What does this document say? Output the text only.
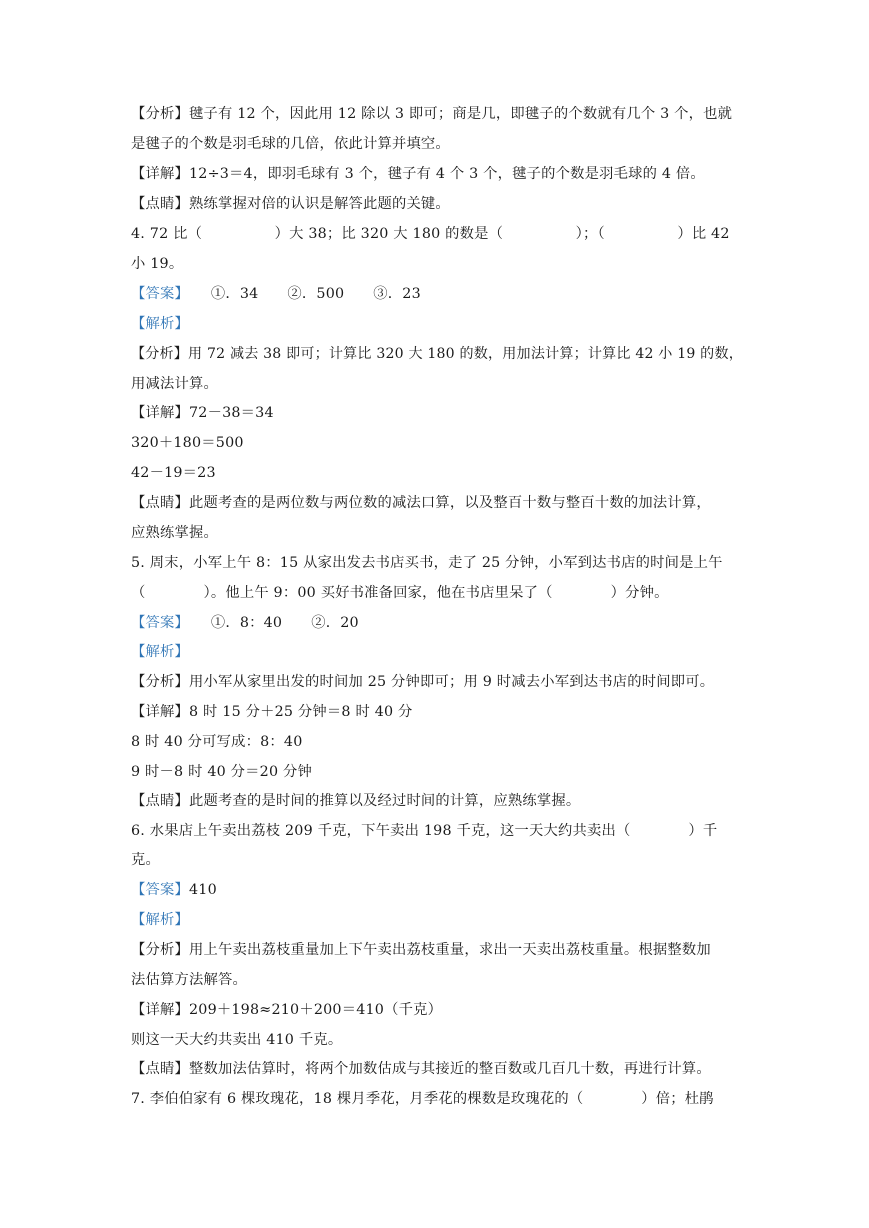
【分析】毽子有 12 个，因此用 12 除以 3 即可；商是几，即毽子的个数就有几个 3 个，也就
是毽子的个数是羽毛球的几倍，依此计算并填空。
【详解】12÷3＝4，即羽毛球有 3 个，毽子有 4 个 3 个，毽子的个数是羽毛球的 4 倍。
【点睛】熟练掌握对倍的认识是解答此题的关键。
4. 72 比（　　　　　）大 38；比 320 大 180 的数是（　　　　　）；（　　　　　）比 42
小 19。
【答案】　　①．34　　②．500　　③．23
【解析】
【分析】用 72 减去 38 即可；计算比 320 大 180 的数，用加法计算；计算比 42 小 19 的数，
用减法计算。
【详解】72－38＝34
320＋180＝500
42－19＝23
【点睛】此题考查的是两位数与两位数的减法口算，以及整百十数与整百十数的加法计算，
应熟练掌握。
5. 周末，小军上午 8：15 从家出发去书店买书，走了 25 分钟，小军到达书店的时间是上午
（　　　　）。他上午 9：00 买好书准备回家，他在书店里呆了（　　　　）分钟。
【答案】　　①．8：40　　②．20
【解析】
【分析】用小军从家里出发的时间加 25 分钟即可；用 9 时减去小军到达书店的时间即可。
【详解】8 时 15 分＋25 分钟＝8 时 40 分
8 时 40 分可写成：8：40
9 时－8 时 40 分＝20 分钟
【点睛】此题考查的是时间的推算以及经过时间的计算，应熟练掌握。
6. 水果店上午卖出荔枝 209 千克，下午卖出 198 千克，这一天大约共卖出（　　　　）千
克。
【答案】410
【解析】
【分析】用上午卖出荔枝重量加上下午卖出荔枝重量，求出一天卖出荔枝重量。根据整数加
法估算方法解答。
【详解】209＋198≈210＋200＝410（千克）
则这一天大约共卖出 410 千克。
【点睛】整数加法估算时，将两个加数估成与其接近的整百数或几百几十数，再进行计算。
7. 李伯伯家有 6 棵玫瑰花，18 棵月季花，月季花的棵数是玫瑰花的（　　　　）倍；杜鹃
